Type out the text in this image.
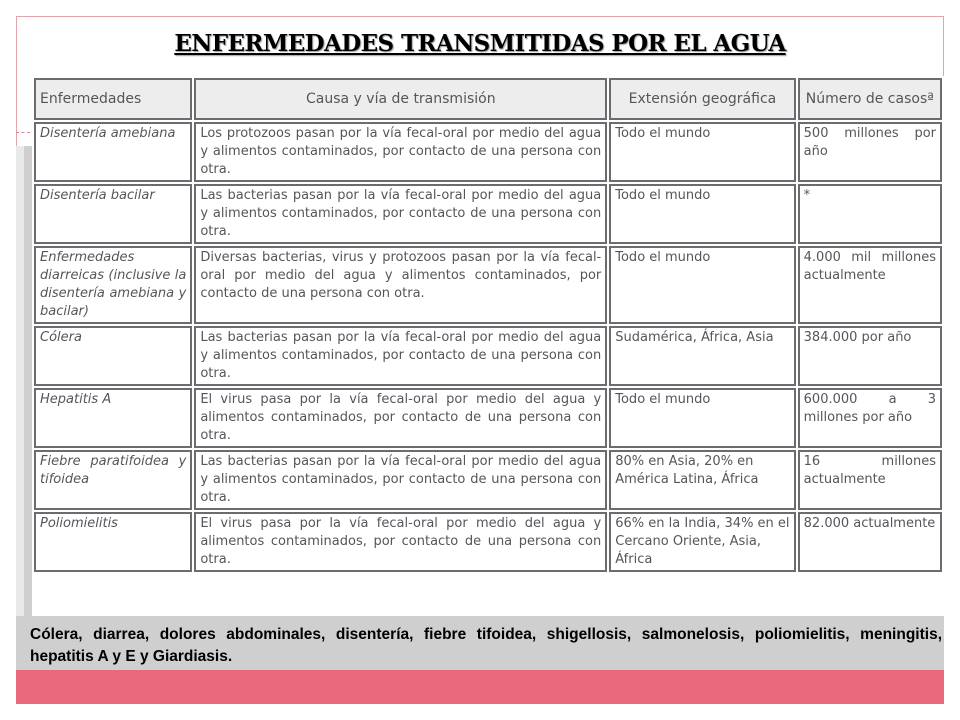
ENFERMEDADES TRANSMITIDAS POR EL AGUA
Enfermedades	Causa y vía de transmisión	Extensión geográfica	Número de casosª
Disentería amebiana	Los protozoos pasan por la vía fecal-oral por medio del agua y alimentos contaminados, por contacto de una persona con otra.	Todo el mundo	500 millones por año
Disentería bacilar	Las bacterias pasan por la vía fecal-oral por medio del agua y alimentos contaminados, por contacto de una persona con otra.	Todo el mundo	*
Enfermedades diarreicas (inclusive la disentería amebiana y bacilar)	Diversas bacterias, virus y protozoos pasan por la vía fecal-oral por medio del agua y alimentos contaminados, por contacto de una persona con otra.	Todo el mundo	4.000 mil millones actualmente
Cólera	Las bacterias pasan por la vía fecal-oral por medio del agua y alimentos contaminados, por contacto de una persona con otra.	Sudamérica, África, Asia	384.000 por año
Hepatitis A	El virus pasa por la vía fecal-oral por medio del agua y alimentos contaminados, por contacto de una persona con otra.	Todo el mundo	600.000 a 3 millones por año
Fiebre paratifoidea y tifoidea	Las bacterias pasan por la vía fecal-oral por medio del agua y alimentos contaminados, por contacto de una persona con otra.	80% en Asia, 20% en América Latina, África	16 millones actualmente
Poliomielitis	El virus pasa por la vía fecal-oral por medio del agua y alimentos contaminados, por contacto de una persona con otra.	66% en la India, 34% en el Cercano Oriente, Asia, África	82.000 actualmente
Cólera, diarrea, dolores abdominales, disentería, fiebre tifoidea, shigellosis, salmonelosis, poliomielitis, meningitis, hepatitis A y E y Giardiasis.
